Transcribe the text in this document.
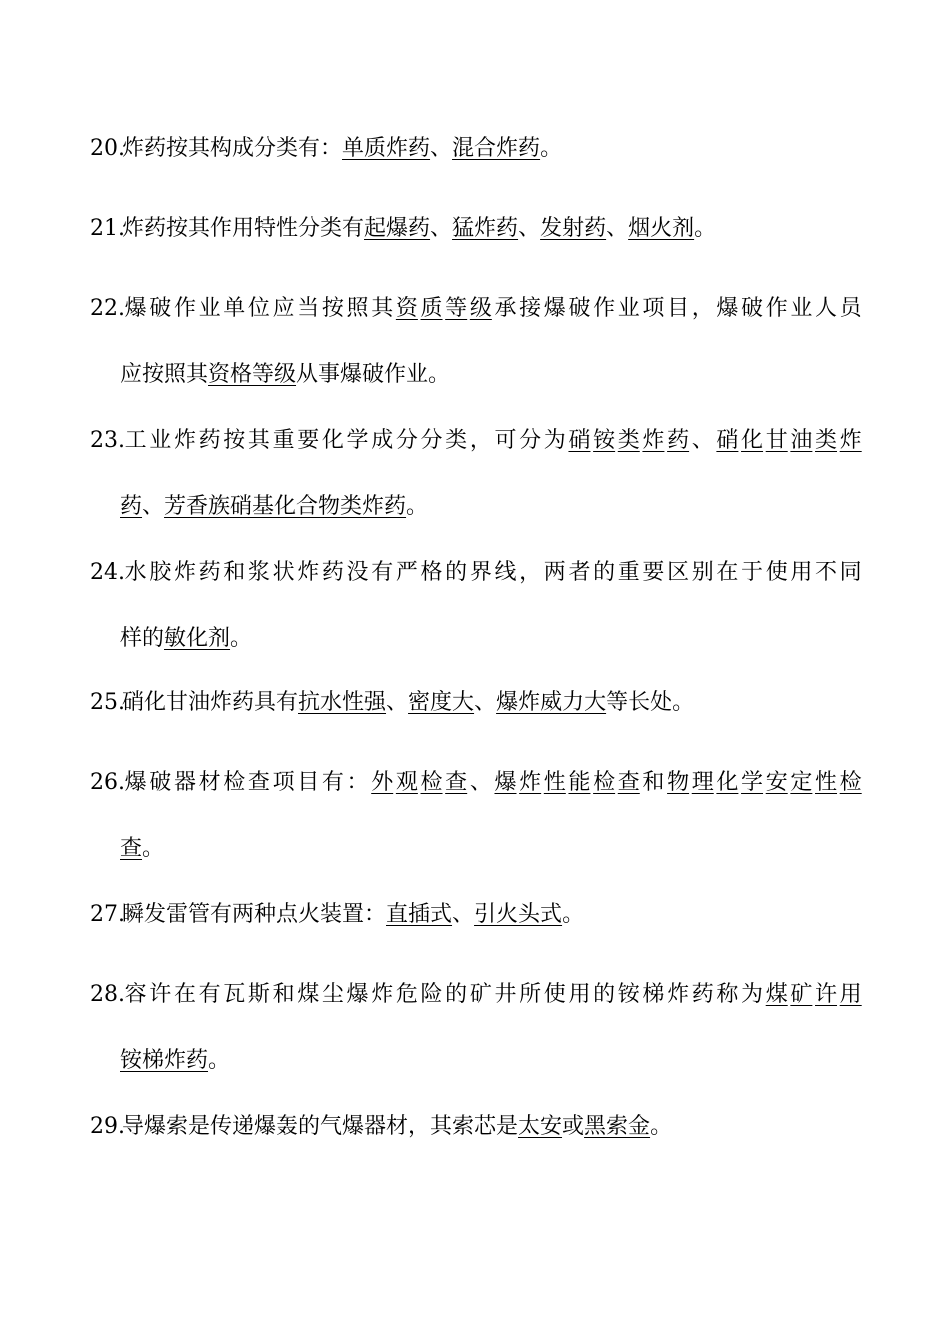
20.炸药按其构成分类有：单质炸药、混合炸药。
21.炸药按其作用特性分类有起爆药、猛炸药、发射药、烟火剂。
22. 爆 破 作 业 单 位 应 当 按 照 其 资 质 等 级 承 接 爆 破 作 业 项 目 ， 爆 破 作 业 人 员
应按照其资格等级从事爆破作业。
23. 工 业 炸 药 按 其 重 要 化 学 成 分 分 类 ， 可 分 为 硝 铵 类 炸 药 、 硝 化 甘 油 类 炸
药、芳香族硝基化合物类炸药。
24. 水 胶 炸 药 和 浆 状 炸 药 没 有 严 格 的 界 线 ， 两 者 的 重 要 区 别 在 于 使 用 不 同
样的敏化剂。
25.硝化甘油炸药具有抗水性强、密度大、爆炸威力大等长处。
26. 爆 破 器 材 检 查 项 目 有 ： 外 观 检 查 、 爆 炸 性 能 检 查 和 物 理 化 学 安 定 性 检
查。
27.瞬发雷管有两种点火装置：直插式、引火头式。
28. 容 许 在 有 瓦 斯 和 煤 尘 爆 炸 危 险 的 矿 井 所 使 用 的 铵 梯 炸 药 称 为 煤 矿 许 用
铵梯炸药。
29.导爆索是传递爆轰的气爆器材，其索芯是太安或黑索金。
